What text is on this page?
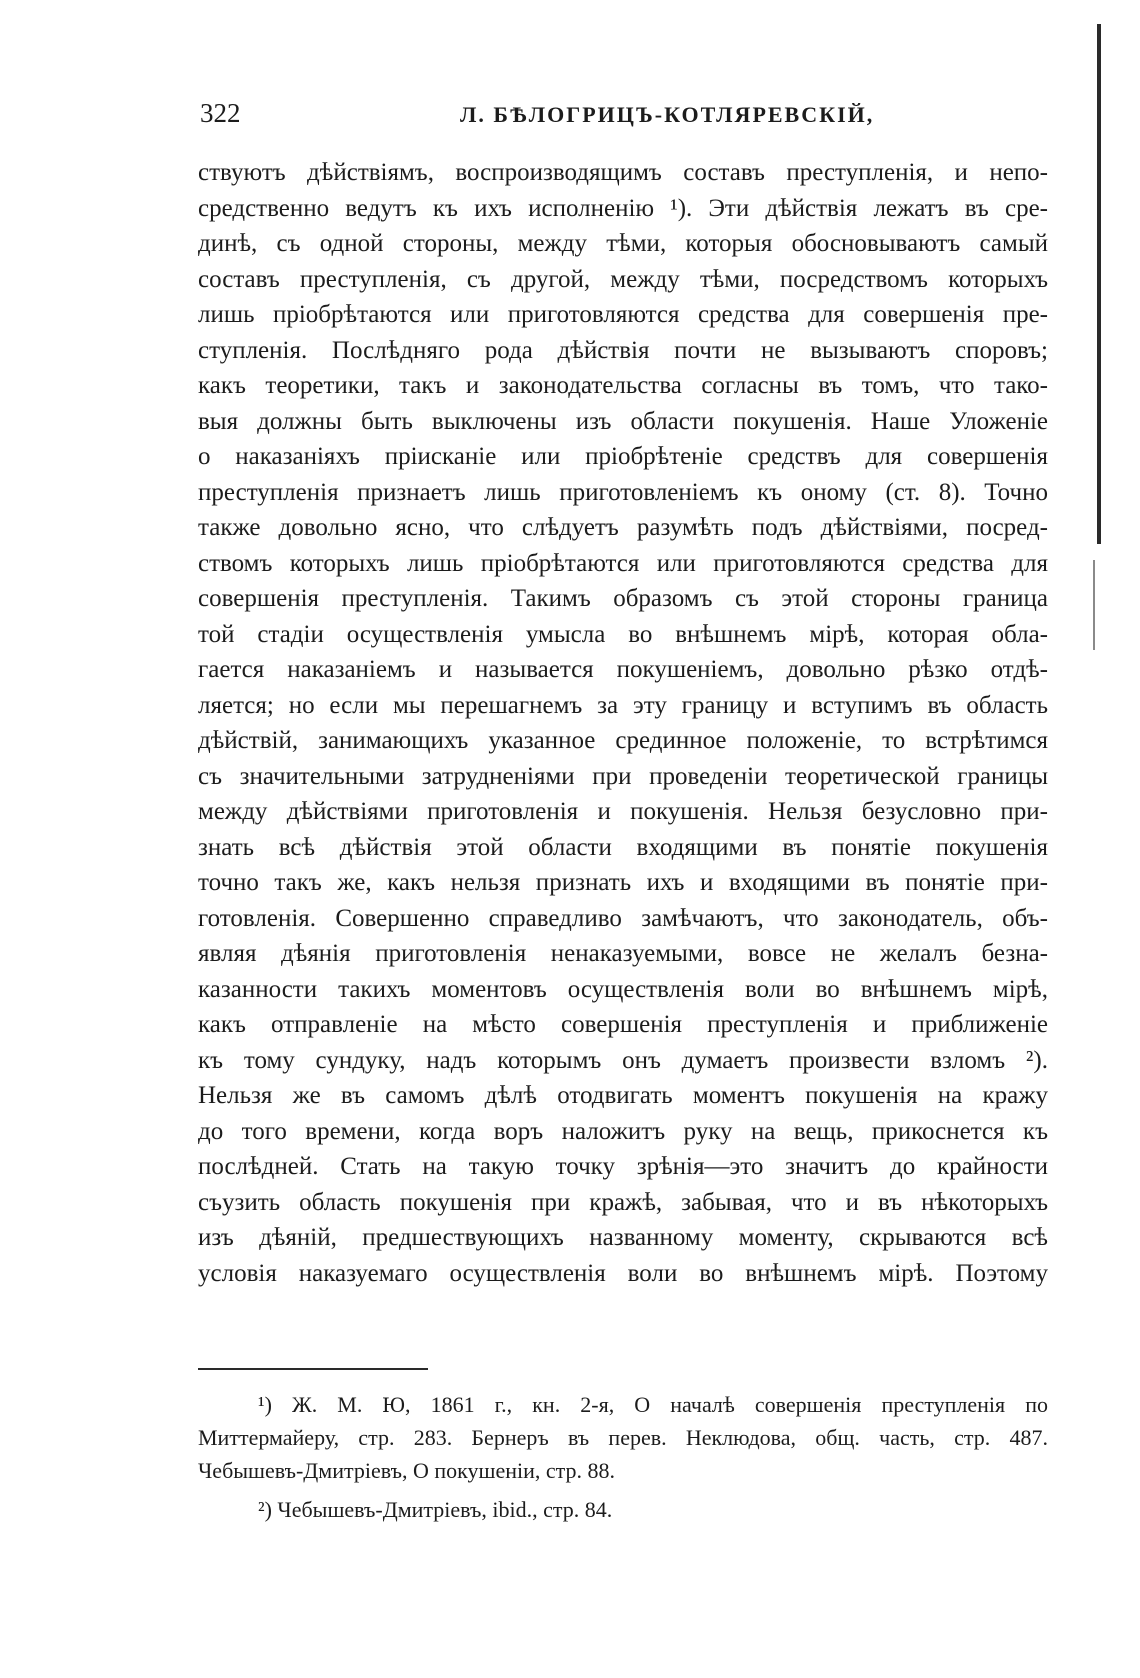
322	Л. БѢЛОГРИЦЪ-КОТЛЯРЕВСКІЙ,
ствуютъ дѣйствіямъ, воспроизводящимъ составъ преступленія, и непо-
средственно ведутъ къ ихъ исполненію ¹). Эти дѣйствія лежатъ въ сре-
динѣ, съ одной стороны, между тѣми, которыя обосновываютъ самый
составъ преступленія, съ другой, между тѣми, посредствомъ которыхъ
лишь пріобрѣтаются или приготовляются средства для совершенія пре-
ступленія. Послѣдняго рода дѣйствія почти не вызываютъ споровъ;
какъ теоретики, такъ и законодательства согласны въ томъ, что тако-
выя должны быть выключены изъ области покушенія. Наше Уложеніе
о наказаніяхъ пріисканіе или пріобрѣтеніе средствъ для совершенія
преступленія признаетъ лишь приготовленіемъ къ оному (ст. 8). Точно
также довольно ясно, что слѣдуетъ разумѣть подъ дѣйствіями, посред-
ствомъ которыхъ лишь пріобрѣтаются или приготовляются средства для
совершенія преступленія. Такимъ образомъ съ этой стороны граница
той стадіи осуществленія умысла во внѣшнемъ мірѣ, которая обла-
гается наказаніемъ и называется покушеніемъ, довольно рѣзко отдѣ-
ляется; но если мы перешагнемъ за эту границу и вступимъ въ область
дѣйствій, занимающихъ указанное срединное положеніе, то встрѣтимся
съ значительными затрудненіями при проведеніи теоретической границы
между дѣйствіями приготовленія и покушенія. Нельзя безусловно при-
знать всѣ дѣйствія этой области входящими въ понятіе покушенія
точно такъ же, какъ нельзя признать ихъ и входящими въ понятіе при-
готовленія. Совершенно справедливо замѣчаютъ, что законодатель, объ-
являя дѣянія приготовленія ненаказуемыми, вовсе не желалъ безна-
казанности такихъ моментовъ осуществленія воли во внѣшнемъ мірѣ,
какъ отправленіе на мѣсто совершенія преступленія и приближеніе
къ тому сундуку, надъ которымъ онъ думаетъ произвести взломъ ²).
Нельзя же въ самомъ дѣлѣ отодвигать моментъ покушенія на кражу
до того времени, когда воръ наложитъ руку на вещь, прикоснется къ
послѣдней. Стать на такую точку зрѣнія—это значитъ до крайности
съузить область покушенія при кражѣ, забывая, что и въ нѣкоторыхъ
изъ дѣяній, предшествующихъ названному моменту, скрываются всѣ
условія наказуемаго осуществленія воли во внѣшнемъ мірѣ. Поэтому
¹) Ж. М. Ю, 1861 г., кн. 2-я, О началѣ совершенія преступленія по
Миттермайеру, стр. 283. Бернеръ въ перев. Неклюдова, общ. часть, стр. 487.
Чебышевъ-Дмитріевъ, О покушеніи, стр. 88.
²) Чебышевъ-Дмитріевъ, ibid., стр. 84.
